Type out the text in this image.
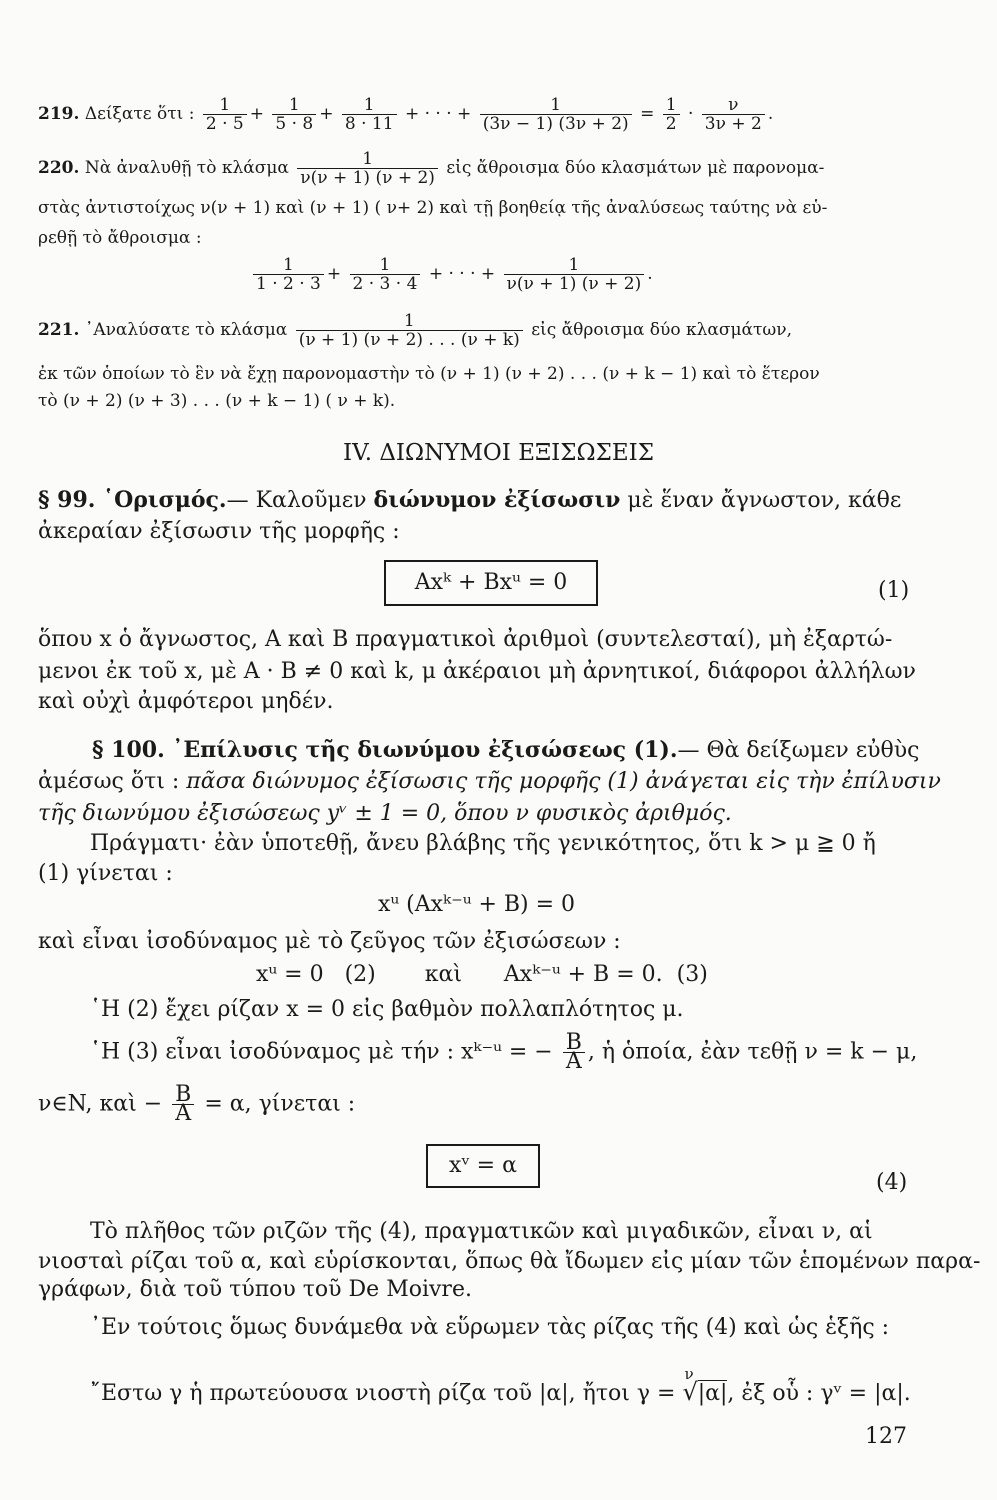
219. Δείξατε ὅτι : $\frac{1}{2 \cdot 5} + \frac{1}{5 \cdot 8} + \frac{1}{8 \cdot 11}$ + · · · + $\frac{1}{(3\nu - 1) (3\nu + 2)} = \frac{1}{2} \cdot \frac{\nu}{3\nu + 2}$ .
220. Νὰ ἀναλυθῇ τὸ κλάσμα $\frac{1}{\nu(\nu + 1) (\nu + 2)}$ εἰς ἄθροισμα δύο κλασμάτων μὲ παρονομα-
στὰς ἀντιστοίχως ν(ν + 1) καὶ (ν + 1) ( ν+ 2) καὶ τῇ βοηθείᾳ τῆς ἀναλύσεως ταύτης νὰ εὑ-
ρεθῇ τὸ ἄθροισμα :
$\frac{1}{1 \cdot 2 \cdot 3} + \frac{1}{2 \cdot 3 \cdot 4}$ + · · · + $\frac{1}{\nu(\nu + 1) (\nu + 2)}$ .
221. ᾿Αναλύσατε τὸ κλάσμα $\frac{1}{(\nu + 1) (\nu + 2) . . . (\nu + k)}$ εἰς ἄθροισμα δύο κλασμάτων,
ἐκ τῶν ὁποίων τὸ ἓν νὰ ἔχῃ παρονομαστὴν τὸ (ν + 1) (ν + 2) . . . (ν + k − 1) καὶ τὸ ἕτερον
τὸ (ν + 2) (ν + 3) . . . (ν + k − 1) ( ν + k).
IV. ΔΙΩΝΥΜΟΙ ΕΞΙΣΩΣΕΙΣ
§ 99. ῾Ορισμός.— Καλοῦμεν διώνυμον ἐξίσωσιν μὲ ἕναν ἄγνωστον, κάθε
ἀκεραίαν ἐξίσωσιν τῆς μορφῆς :
Axᵏ + Bxᵘ = 0	(1)
ὅπου x ὁ ἄγνωστος, Α καὶ Β πραγματικοὶ ἀριθμοὶ (συντελεσταί), μὴ ἐξαρτώ-
μενοι ἐκ τοῦ x, μὲ Α · Β ≠ 0 καὶ k, μ ἀκέραιοι μὴ ἀρνητικοί, διάφοροι ἀλλήλων
καὶ οὐχὶ ἀμφότεροι μηδέν.
§ 100. ᾿Επίλυσις τῆς διωνύμου ἐξισώσεως (1).— Θὰ δείξωμεν εὐθὺς
ἀμέσως ὅτι : πᾶσα διώνυμος ἐξίσωσις τῆς μορφῆς (1) ἀνάγεται εἰς τὴν ἐπίλυσιν
τῆς διωνύμου ἐξισώσεως yᵛ ± 1 = 0, ὅπου ν φυσικὸς ἀριθμός.
Πράγματι· ἐὰν ὑποτεθῇ, ἄνευ βλάβης τῆς γενικότητος, ὅτι k > μ ≧ 0 ἤ
(1) γίνεται :
xᵘ (Axᵏ⁻ᵘ + B) = 0
καὶ εἶναι ἰσοδύναμος μὲ τὸ ζεῦγος τῶν ἐξισώσεων :
xᵘ = 0 (2) καὶ Axᵏ⁻ᵘ + B = 0. (3)
῾Η (2) ἔχει ρίζαν x = 0 εἰς βαθμὸν πολλαπλότητος μ.
῾Η (3) εἶναι ἰσοδύναμος μὲ τήν : xᵏ⁻ᵘ = − $\frac{B}{A}$ , ἡ ὁποία, ἐὰν τεθῇ ν = k − μ,
ν∈N, καὶ − $\frac{B}{A} = \alpha$, γίνεται :
xᵛ = α
(4)
Τὸ πλῆθος τῶν ριζῶν τῆς (4), πραγματικῶν καὶ μιγαδικῶν, εἶναι ν, αἱ
νιοσταὶ ρίζαι τοῦ α, καὶ εὑρίσκονται, ὅπως θὰ ἴδωμεν εἰς μίαν τῶν ἑπομένων παρα-
γράφων, διὰ τοῦ τύπου τοῦ De Moivre.
᾿Εν τούτοις ὅμως δυνάμεθα νὰ εὕρωμεν τὰς ρίζας τῆς (4) καὶ ὡς ἑξῆς :
῎Εστω γ ἡ πρωτεύουσα νιοστὴ ρίζα τοῦ |α|, ἤτοι γ =
ν
√|α|, ἐξ οὗ : γᵛ = |α|.
127
